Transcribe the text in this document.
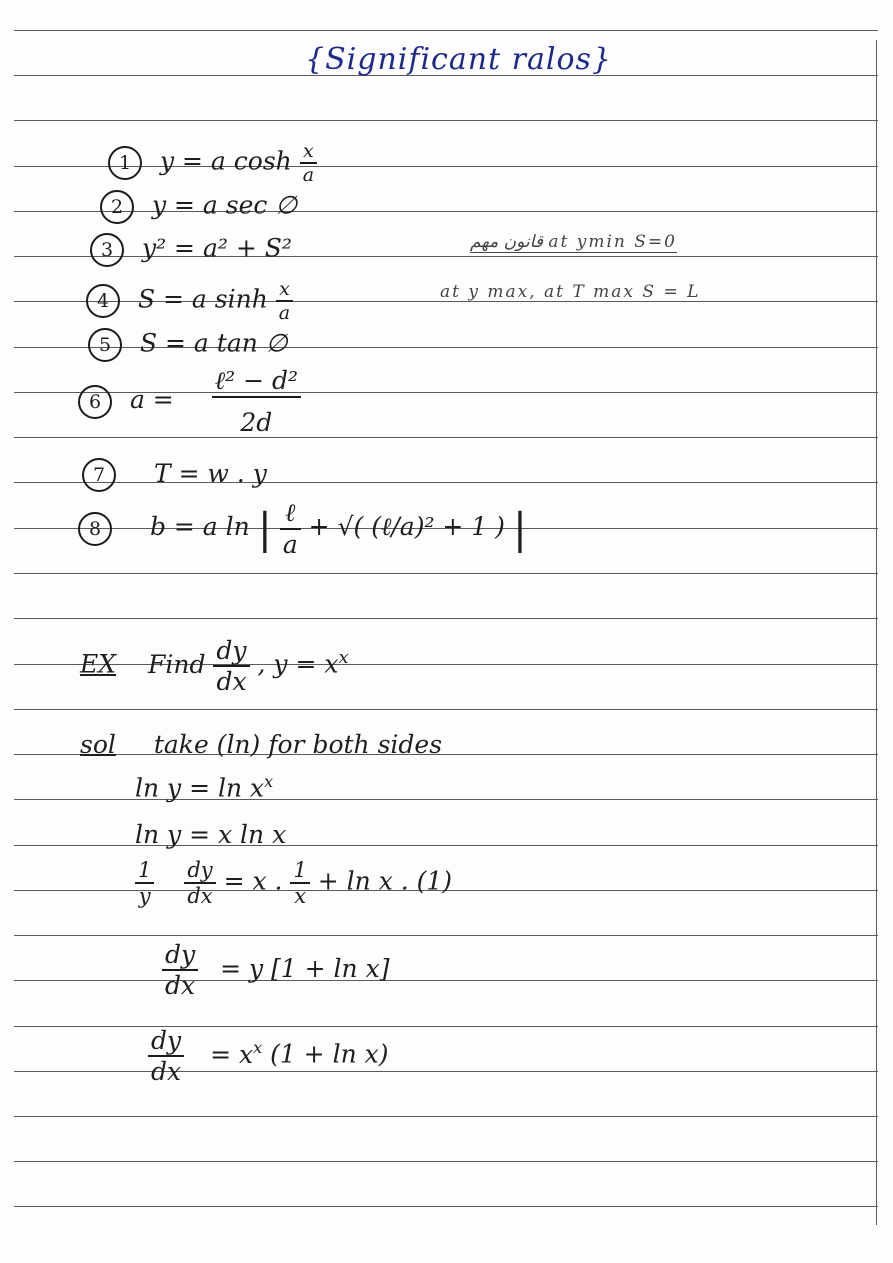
{Significant ralos}
1 y = a $\cosh \frac{x}{a}$
2 y = a sec ∅
3 y² = a² + S²
4 S = a $\sinh \frac{x}{a}$
5 S = a tan ∅
6 $a = \frac{\text{ℓ² − d²}}{2d}$
7 T = w . y
8 b = a ln | $\frac{\text{ℓ}}{a}$ + √( (ℓ/a)² + 1 ) |
قانون مهم at ymin S=0
at y max, at T max S = L
EX Find $\frac{dy}{dx}$ , $y = x^x$
sol take (ln) for both sides
$\ln y = \ln x^x$
ln y = x ln x
$\frac{1}{y}$
$\frac{dy}{dx} = x$ . $\frac{1}{x} + \ln x$ . (1)
$\frac{dy}{dx} = y$ [1 + ln x]
$\frac{dy}{dx} = x^x$ (1 + ln x)
